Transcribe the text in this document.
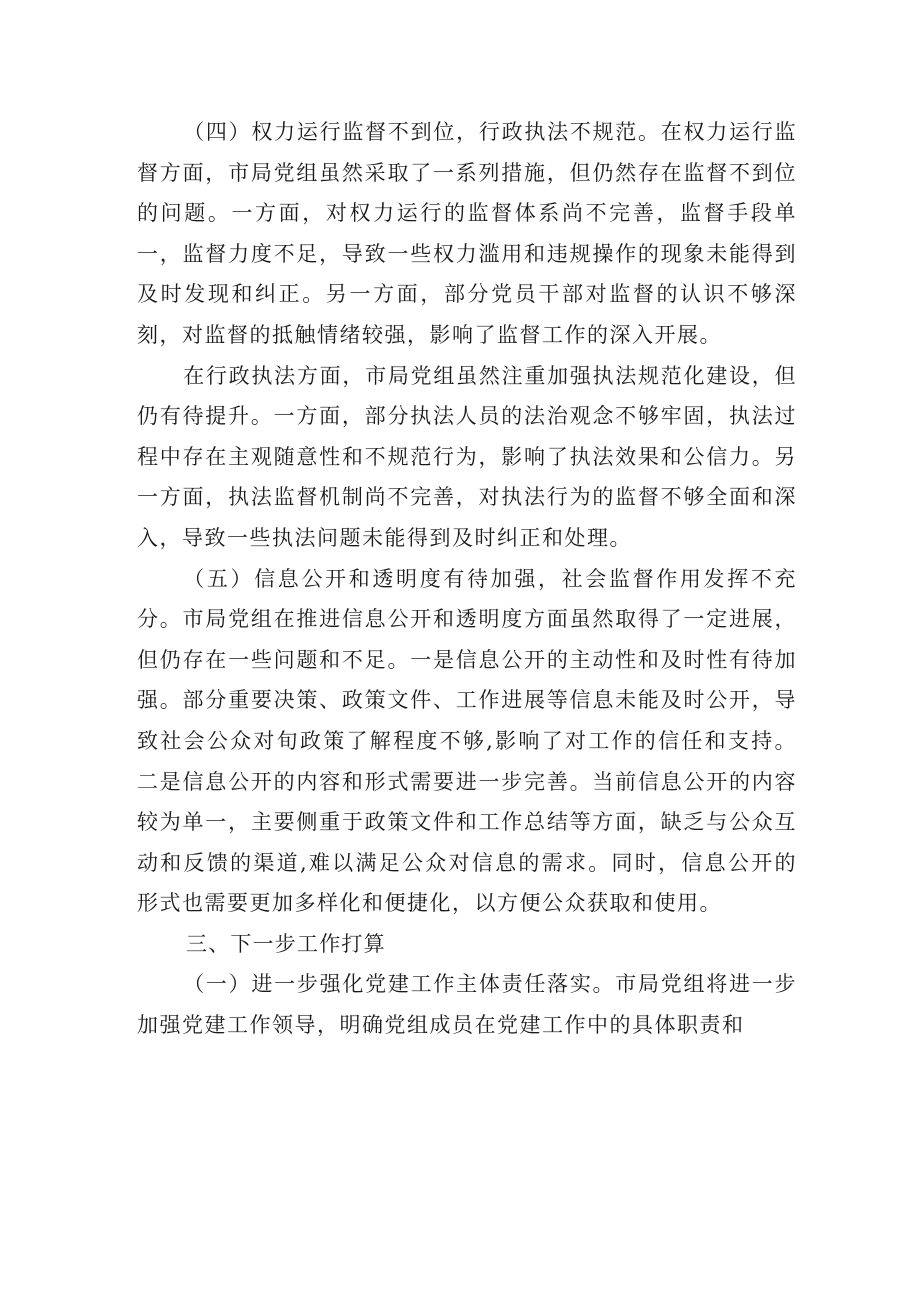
（四）权力运行监督不到位，行政执法不规范。在权力运行监督方面，市局党组虽然采取了一系列措施，但仍然存在监督不到位的问题。一方面，对权力运行的监督体系尚不完善，监督手段单一，监督力度不足，导致一些权力滥用和违规操作的现象未能得到及时发现和纠正。另一方面，部分党员干部对监督的认识不够深刻，对监督的抵触情绪较强，影响了监督工作的深入开展。

在行政执法方面，市局党组虽然注重加强执法规范化建设，但仍有待提升。一方面，部分执法人员的法治观念不够牢固，执法过程中存在主观随意性和不规范行为，影响了执法效果和公信力。另一方面，执法监督机制尚不完善，对执法行为的监督不够全面和深入，导致一些执法问题未能得到及时纠正和处理。

（五）信息公开和透明度有待加强，社会监督作用发挥不充分。市局党组在推进信息公开和透明度方面虽然取得了一定进展，但仍存在一些问题和不足。一是信息公开的主动性和及时性有待加强。部分重要决策、政策文件、工作进展等信息未能及时公开，导致社会公众对旬政策了解程度不够,影响了对工作的信任和支持。二是信息公开的内容和形式需要进一步完善。当前信息公开的内容较为单一，主要侧重于政策文件和工作总结等方面，缺乏与公众互动和反馈的渠道,难以满足公众对信息的需求。同时，信息公开的形式也需要更加多样化和便捷化，以方便公众获取和使用。

三、下一步工作打算

（一）进一步强化党建工作主体责任落实。市局党组将进一步加强党建工作领导，明确党组成员在党建工作中的具体职责和
